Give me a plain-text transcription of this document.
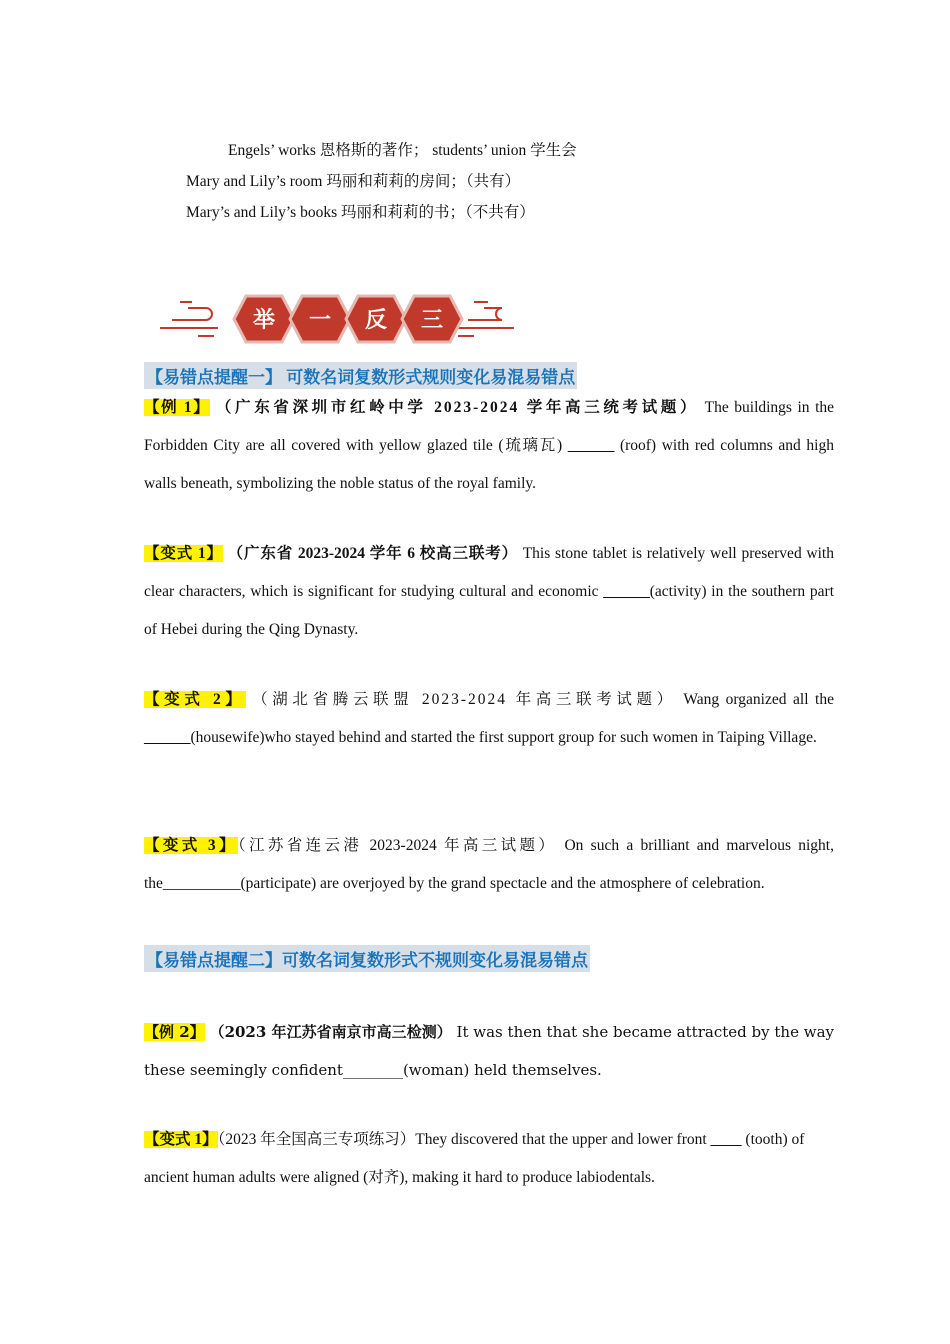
Engels’ works 恩格斯的著作； students’ union 学生会
Mary and Lily’s room 玛丽和莉莉的房间；（共有）
Mary’s and Lily’s books 玛丽和莉莉的书；（不共有）
举 一 反 三
【易错点提醒一】 可数名词复数形式规则变化易混易错点
【例 1】 （广东省深圳市红岭中学 2023-2024 学年高三统考试题） The buildings in the Forbidden City are all covered with yellow glazed tile (琉璃瓦) ______ (roof) with red columns and high walls beneath, symbolizing the noble status of the royal family.
【变式 1】 （广东省 2023-2024 学年 6 校高三联考） This stone tablet is relatively well preserved with clear characters, which is significant for studying cultural and economic ______(activity) in the southern part of Hebei during the Qing Dynasty.
【变式 2】 （湖北省腾云联盟 2023-2024 年高三联考试题） Wang organized all the ______(housewife)who stayed behind and started the first support group for such women in Taiping Village.
【变式 3】（江苏省连云港 2023-2024 年高三试题） On such a brilliant and marvelous night, the__________(participate) are overjoyed by the grand spectacle and the atmosphere of celebration.
【易错点提醒二】可数名词复数形式不规则变化易混易错点
【例 2】 （2023 年江苏省南京市高三检测） It was then that she became attracted by the way these seemingly confident________(woman) held themselves.
【变式 1】（2023 年全国高三专项练习）They discovered that the upper and lower front ____ (tooth) of ancient human adults were aligned (对齐), making it hard to produce labiodentals.
